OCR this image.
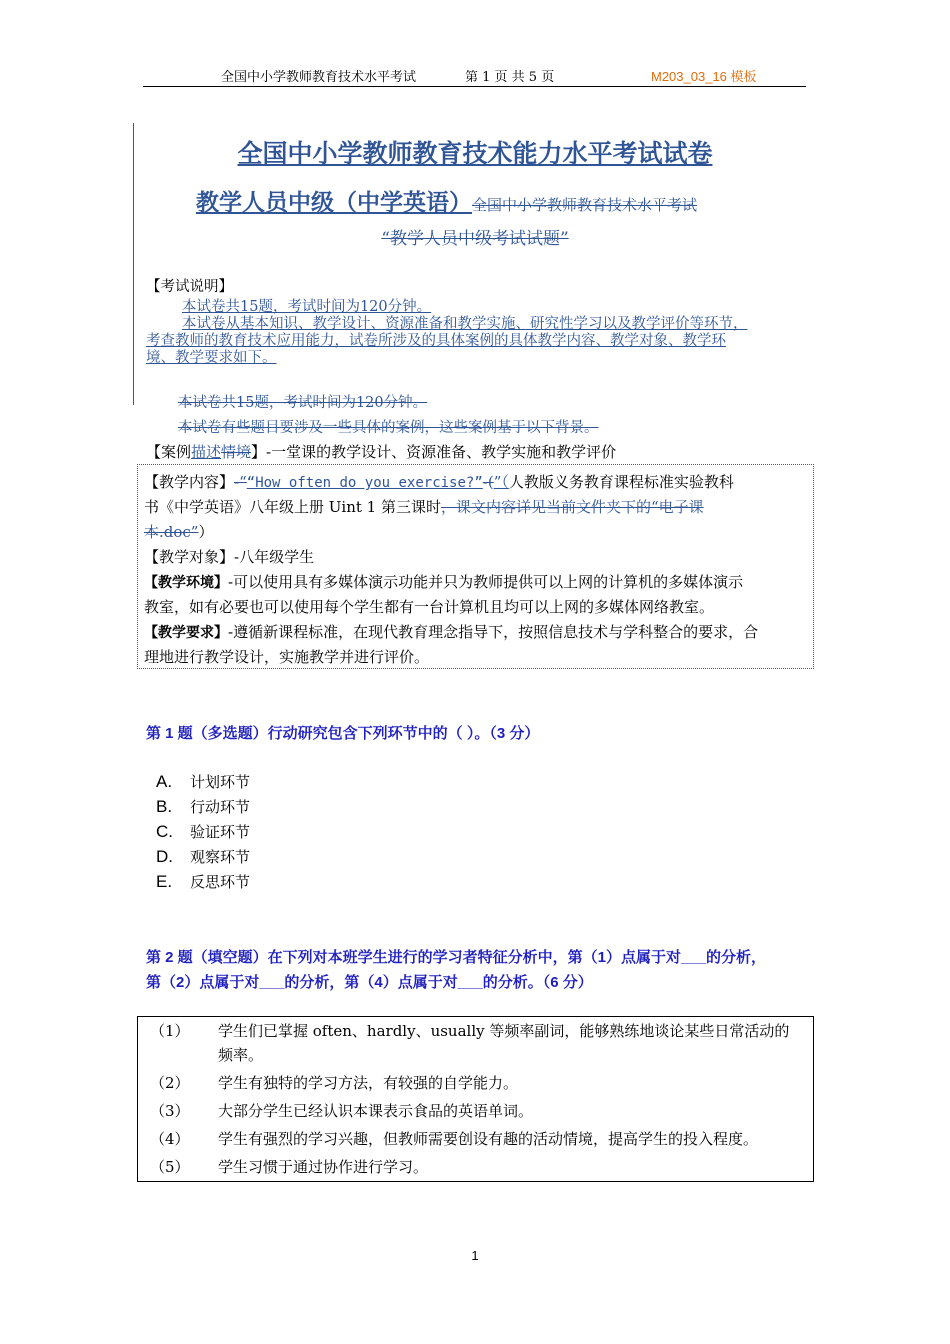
全国中小学教师教育技术水平考试	第 1 页 共 5 页	M203_03_16 模板
全国中小学教师教育技术能力水平考试试卷
教学人员中级（中学英语）全国中小学教师教育技术水平考试
“教学人员中级考试试题”
【考试说明】
本试卷共15题，考试时间为120分钟。
本试卷从基本知识、教学设计、资源准备和教学实施、研究性学习以及教学评价等环节，
考查教师的教育技术应用能力，试卷所涉及的具体案例的具体教学内容、教学对象、教学环
境、教学要求如下。
本试卷共15题，考试时间为120分钟。
本试卷有些题目要涉及一些具体的案例，这些案例基于以下背景。
【案例描述情境】-一堂课的教学设计、资源准备、教学实施和教学评价
【教学内容】-““How often do you exercise?”-(”（人教版义务教育课程标准实验教科
书《中学英语》八年级上册 Uint 1 第三课时，课文内容详见当前文件夹下的“电子课
本.doc”）
【教学对象】-八年级学生
【教学环境】-可以使用具有多媒体演示功能并只为教师提供可以上网的计算机的多媒体演示
教室，如有必要也可以使用每个学生都有一台计算机且均可以上网的多媒体网络教室。
【教学要求】-遵循新课程标准，在现代教育理念指导下，按照信息技术与学科整合的要求，合
理地进行教学设计，实施教学并进行评价。
第 1 题（多选题）行动研究包含下列环节中的（ ）。（3 分）
A. 计划环节
B. 行动环节
C. 验证环节
D. 观察环节
E. 反思环节
第 2 题（填空题）在下列对本班学生进行的学习者特征分析中，第（1）点属于对___的分析，
第（2）点属于对___的分析，第（4）点属于对___的分析。（6 分）
（1）	学生们已掌握 often、hardly、usually 等频率副词，能够熟练地谈论某些日常活动的
频率。
（2）	学生有独特的学习方法，有较强的自学能力。
（3）	大部分学生已经认识本课表示食品的英语单词。
（4）	学生有强烈的学习兴趣，但教师需要创设有趣的活动情境，提高学生的投入程度。
（5）	学生习惯于通过协作进行学习。
1
